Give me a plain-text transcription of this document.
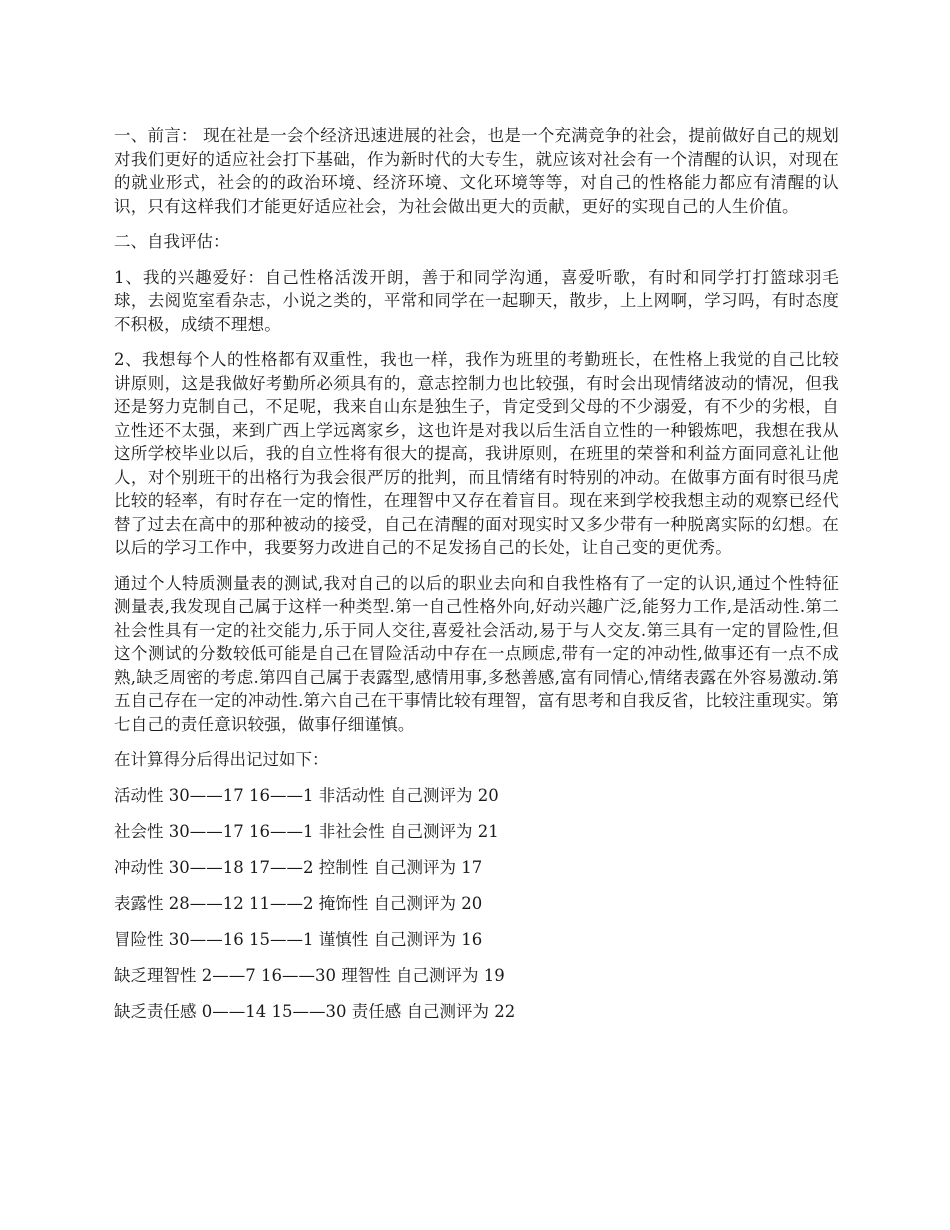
一、前言： 现在社是一会个经济迅速进展的社会，也是一个充满竞争的社会，提前做好自己的规划对我们更好的适应社会打下基础，作为新时代的大专生，就应该对社会有一个清醒的认识，对现在的就业形式，社会的的政治环境、经济环境、文化环境等等，对自己的性格能力都应有清醒的认识，只有这样我们才能更好适应社会，为社会做出更大的贡献，更好的实现自己的人生价值。

二、自我评估：

1、我的兴趣爱好：自己性格活泼开朗，善于和同学沟通，喜爱听歌，有时和同学打打篮球羽毛球，去阅览室看杂志，小说之类的，平常和同学在一起聊天，散步，上上网啊，学习吗，有时态度不积极，成绩不理想。

2、我想每个人的性格都有双重性，我也一样，我作为班里的考勤班长，在性格上我觉的自己比较讲原则，这是我做好考勤所必须具有的，意志控制力也比较强，有时会出现情绪波动的情况，但我还是努力克制自己，不足呢，我来自山东是独生子，肯定受到父母的不少溺爱，有不少的劣根，自立性还不太强，来到广西上学远离家乡，这也许是对我以后生活自立性的一种锻炼吧，我想在我从这所学校毕业以后，我的自立性将有很大的提高，我讲原则，在班里的荣誉和利益方面同意礼让他人，对个别班干的出格行为我会很严厉的批判，而且情绪有时特别的冲动。在做事方面有时很马虎比较的轻率，有时存在一定的惰性，在理智中又存在着盲目。现在来到学校我想主动的观察已经代替了过去在高中的那种被动的接受，自己在清醒的面对现实时又多少带有一种脱离实际的幻想。在以后的学习工作中，我要努力改进自己的不足发扬自己的长处，让自己变的更优秀。

通过个人特质测量表的测试,我对自己的以后的职业去向和自我性格有了一定的认识,通过个性特征测量表,我发现自己属于这样一种类型.第一自己性格外向,好动兴趣广泛,能努力工作,是活动性.第二社会性具有一定的社交能力,乐于同人交往,喜爱社会活动,易于与人交友.第三具有一定的冒险性,但这个测试的分数较低可能是自己在冒险活动中存在一点顾虑,带有一定的冲动性,做事还有一点不成熟,缺乏周密的考虑.第四自己属于表露型,感情用事,多愁善感,富有同情心,情绪表露在外容易激动.第五自己存在一定的冲动性.第六自己在干事情比较有理智，富有思考和自我反省，比较注重现实。第七自己的责任意识较强，做事仔细谨慎。

在计算得分后得出记过如下：

活动性 30——17 16——1 非活动性 自己测评为 20

社会性 30——17 16——1 非社会性 自己测评为 21

冲动性 30——18 17——2 控制性 自己测评为 17

表露性 28——12 11——2 掩饰性 自己测评为 20

冒险性 30——16 15——1 谨慎性 自己测评为 16

缺乏理智性 2——7 16——30 理智性 自己测评为 19

缺乏责任感 0——14 15——30 责任感 自己测评为 22
